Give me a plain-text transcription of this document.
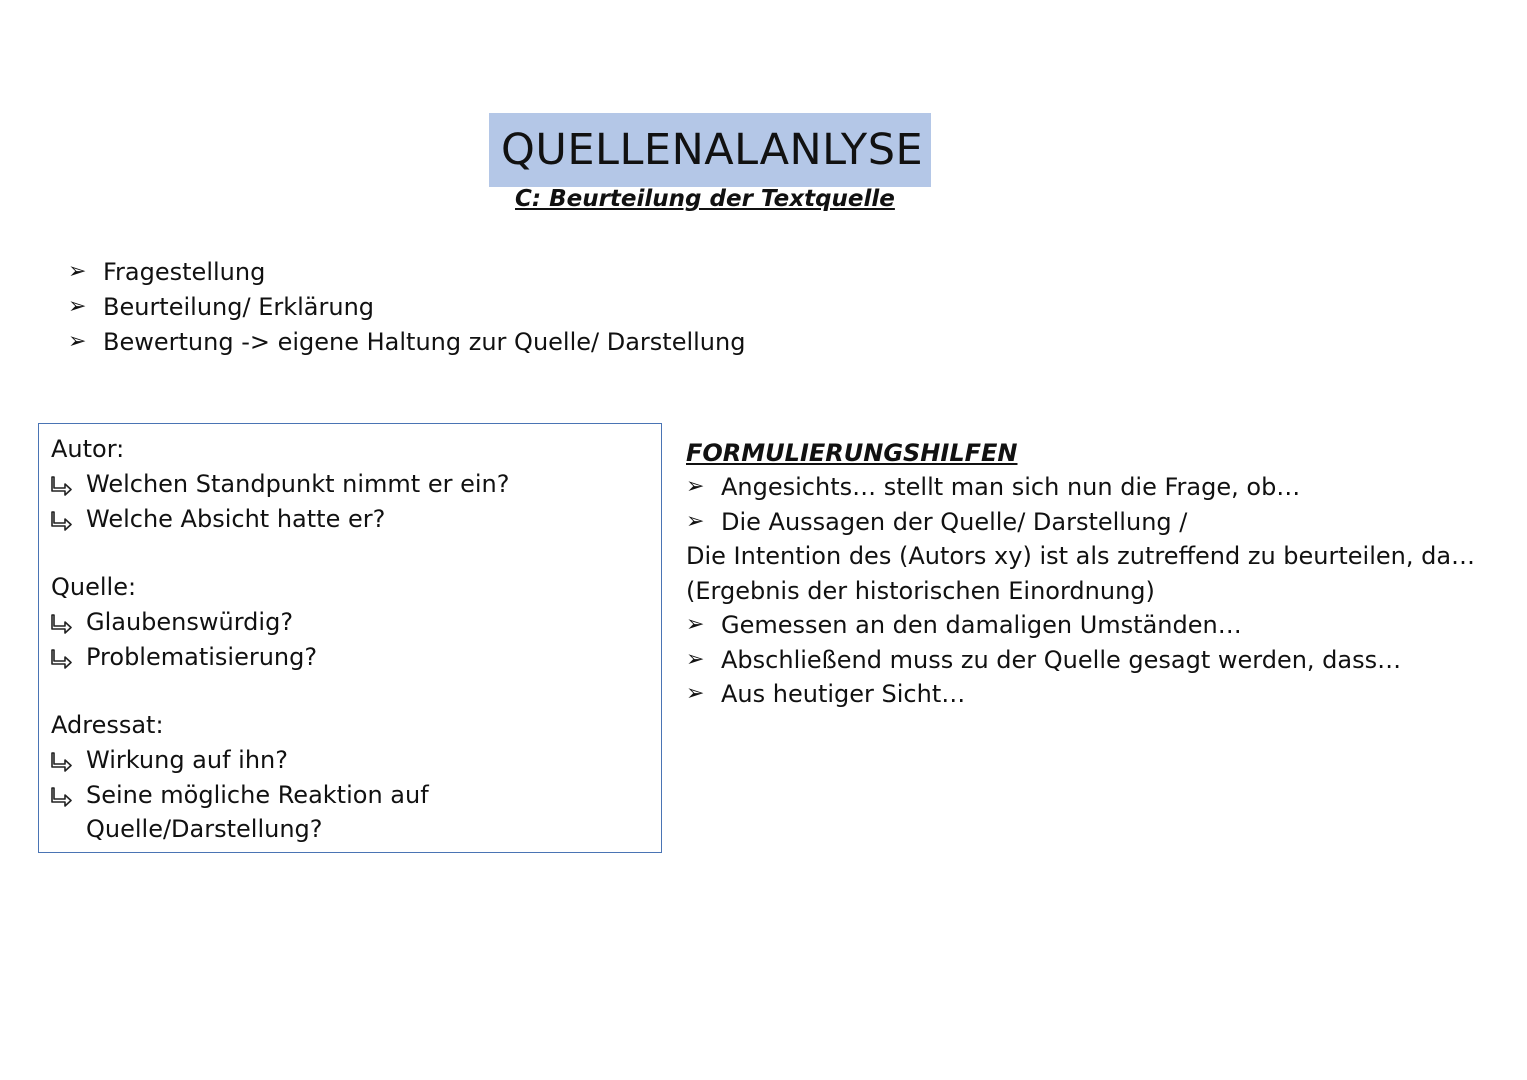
QUELLENALANLYSE
C: Beurteilung der Textquelle
➢ Fragestellung
➢ Beurteilung/ Erklärung
➢ Bewertung -> eigene Haltung zur Quelle/ Darstellung
Autor:
Welchen Standpunkt nimmt er ein?
Welche Absicht hatte er?
Quelle:
Glaubenswürdig?
Problematisierung?
Adressat:
Wirkung auf ihn?
Seine mögliche Reaktion auf Quelle/Darstellung?
FORMULIERUNGSHILFEN
➢ Angesichts… stellt man sich nun die Frage, ob…
➢ Die Aussagen der Quelle/ Darstellung /
Die Intention des (Autors xy) ist als zutreffend zu beurteilen, da…
(Ergebnis der historischen Einordnung)
➢ Gemessen an den damaligen Umständen…
➢ Abschließend muss zu der Quelle gesagt werden, dass…
➢ Aus heutiger Sicht…
